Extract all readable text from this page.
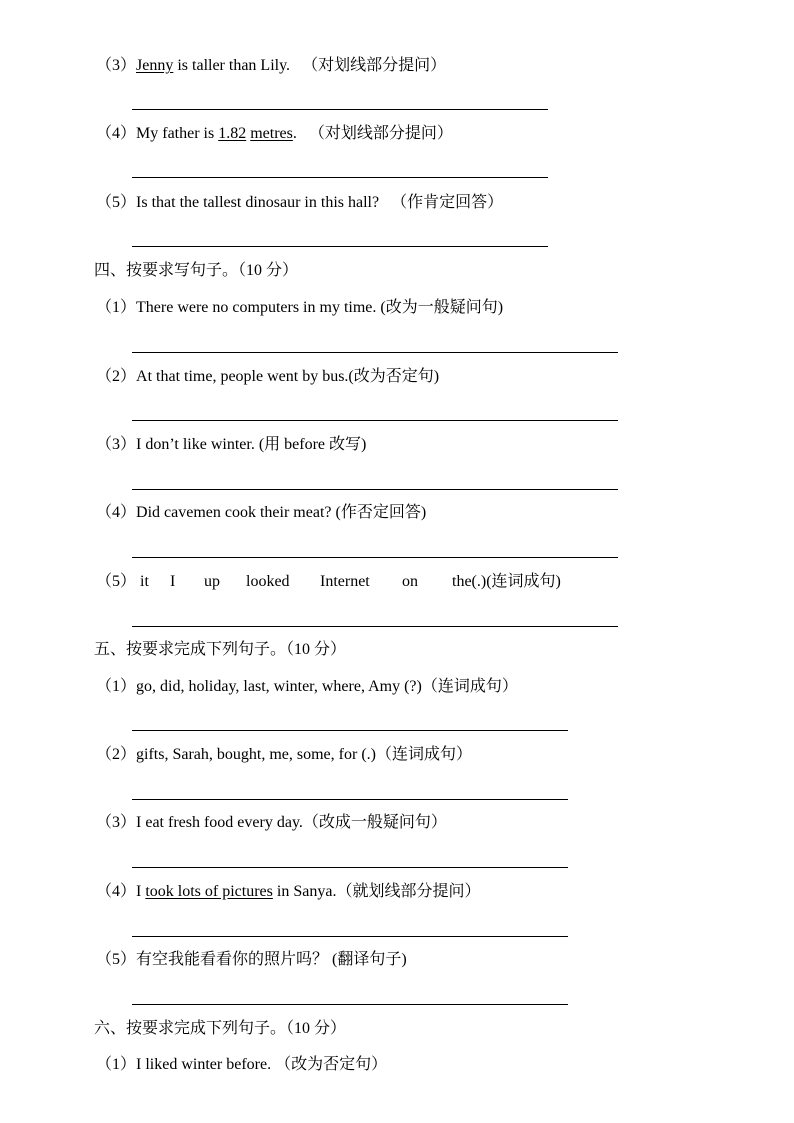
（3）Jenny is taller than Lily. （对划线部分提问）
（4）My father is 1.82 metres. （对划线部分提问）
（5）Is that the tallest dinosaur in this hall? （作肯定回答）
四、按要求写句子。（10 分）
（1）There were no computers in my time. (改为一般疑问句)
（2）At that time, people went by bus.(改为否定句)
（3）I don’t like winter. (用 before 改写)
（4）Did cavemen cook their meat? (作否定回答)
（5） it I up looked Internet on the(.)(连词成句)
五、按要求完成下列句子。（10 分）
（1）go, did, holiday, last, winter, where, Amy (?)（连词成句）
（2）gifts, Sarah, bought, me, some, for (.)（连词成句）
（3）I eat fresh food every day.（改成一般疑问句）
（4）I took lots of pictures in Sanya.（就划线部分提问）
（5）有空我能看看你的照片吗？ (翻译句子)
六、按要求完成下列句子。（10 分）
（1）I liked winter before. （改为否定句）
